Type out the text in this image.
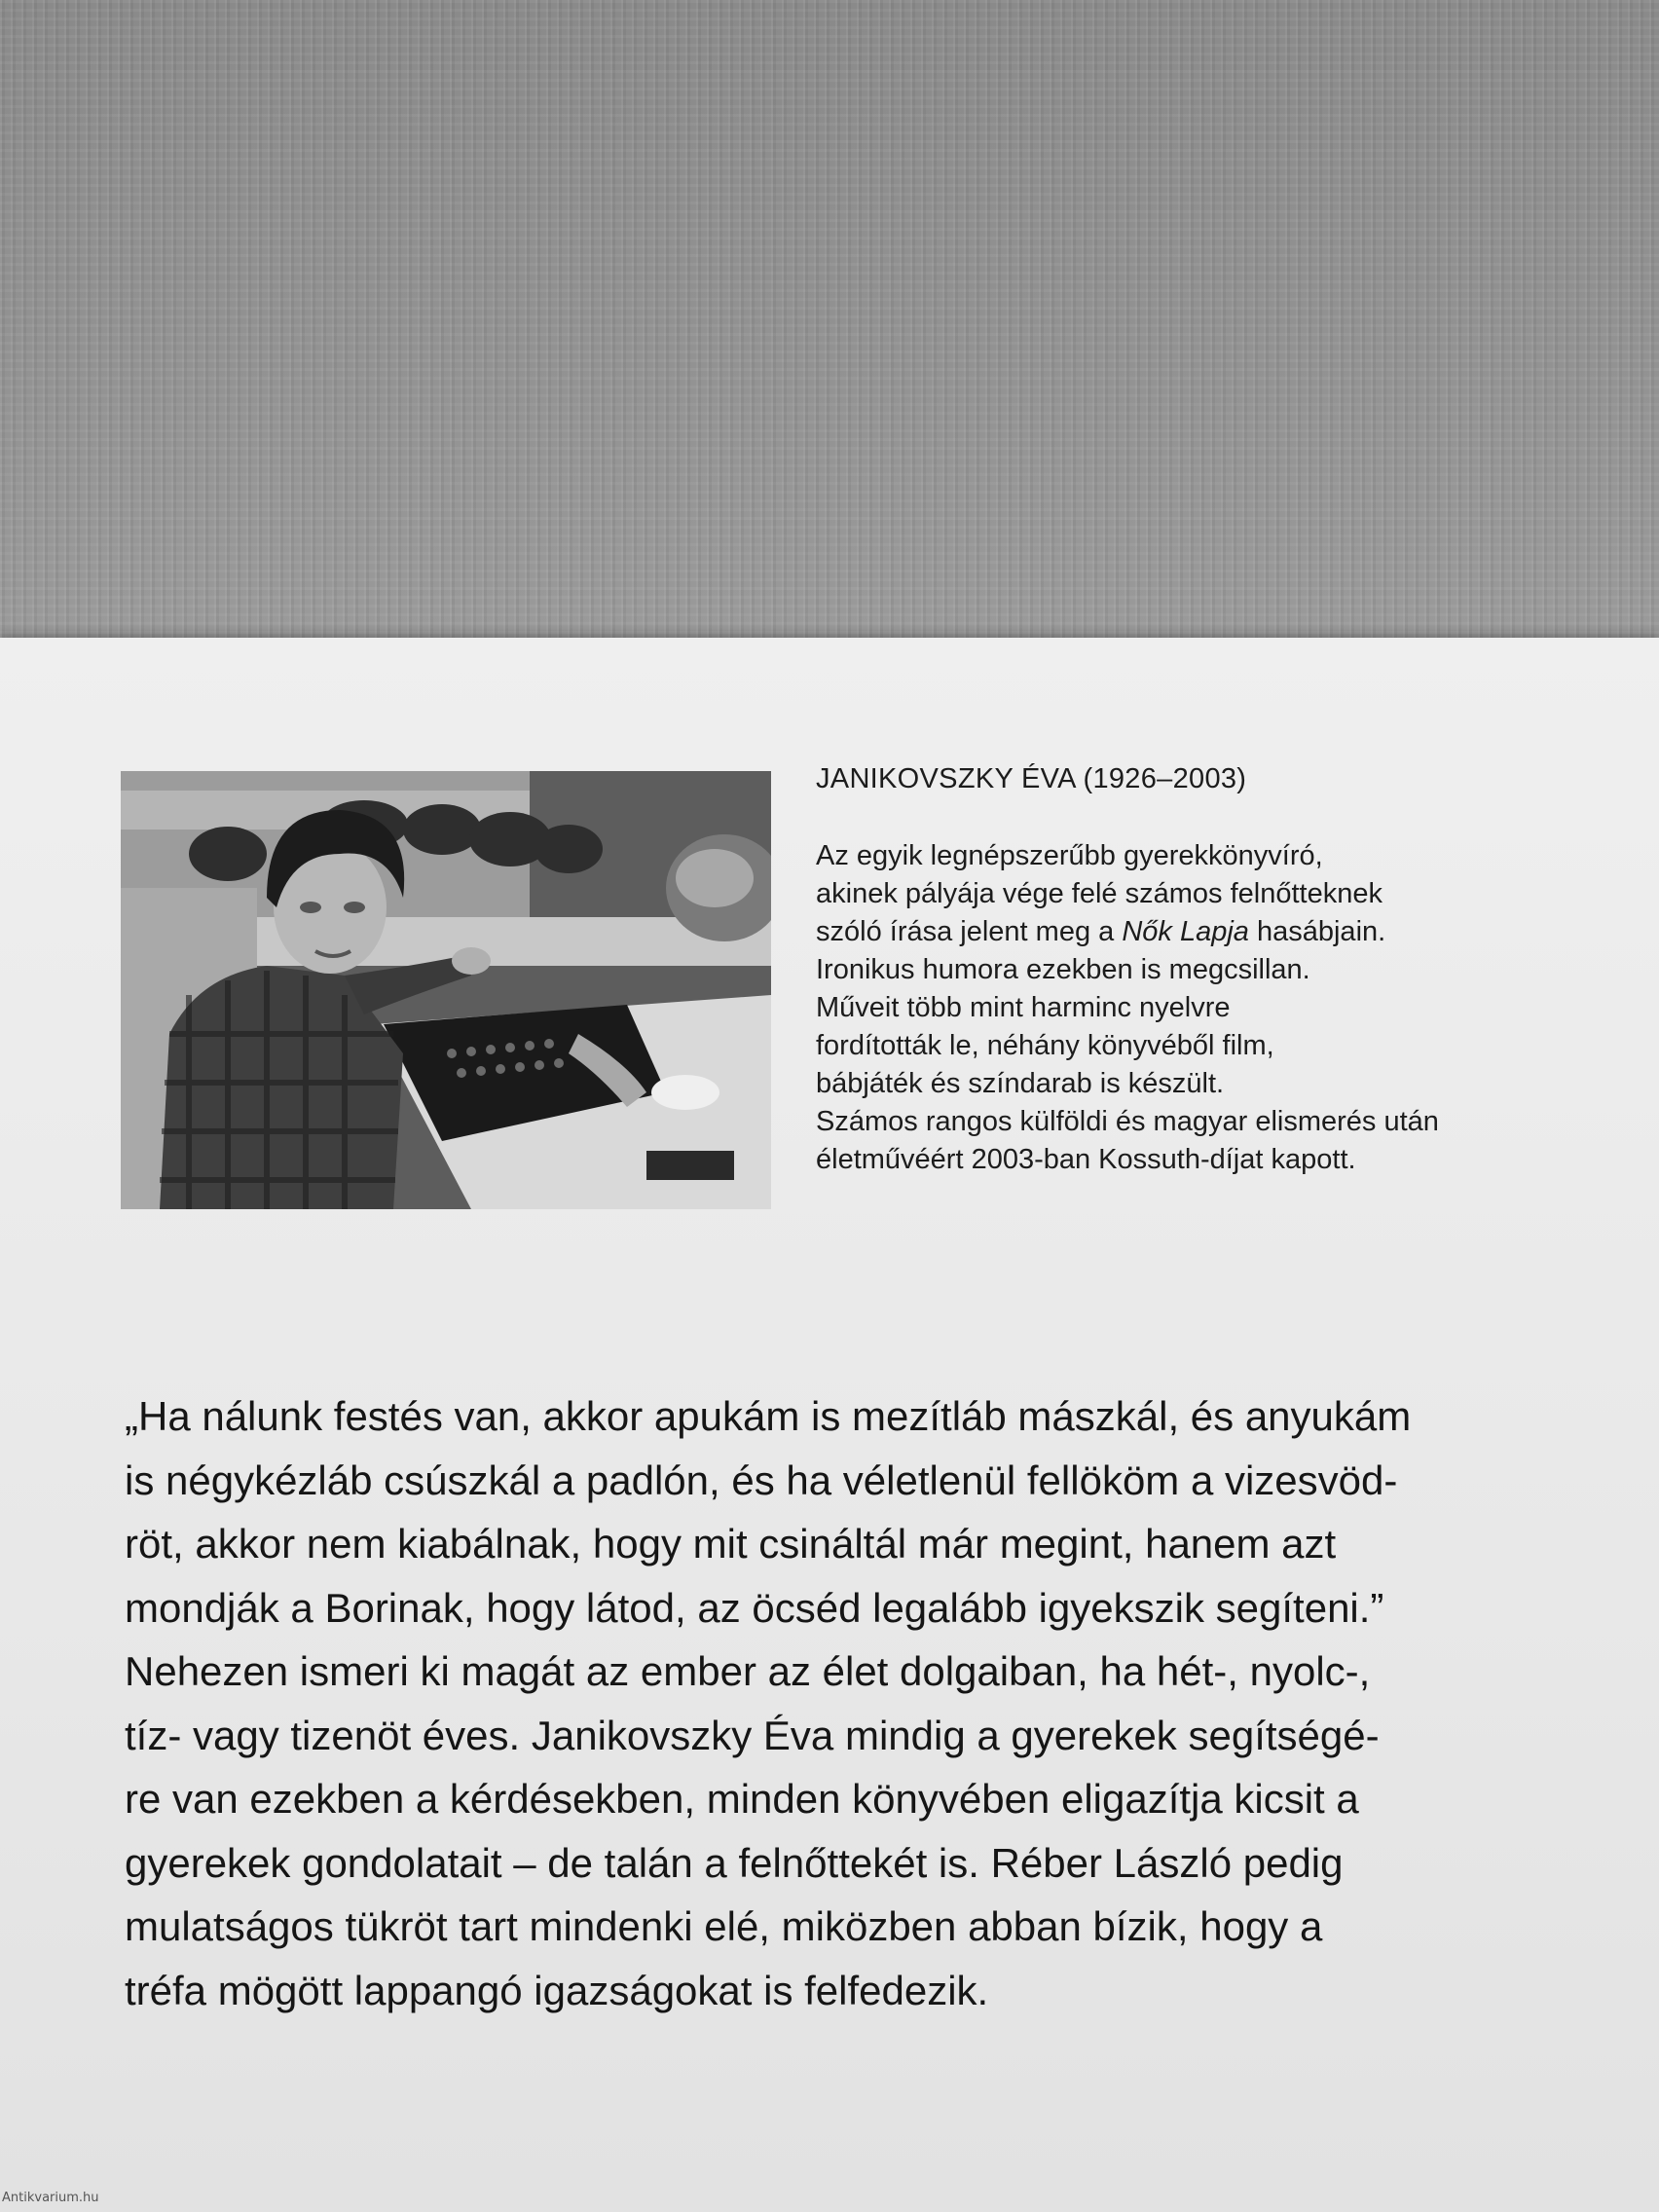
JANIKOVSZKY ÉVA (1926–2003)
Az egyik legnépszerűbb gyerekkönyvíró,
akinek pályája vége felé számos felnőtteknek
szóló írása jelent meg a Nők Lapja hasábjain.
Ironikus humora ezekben is megcsillan.
Műveit több mint harminc nyelvre
fordították le, néhány könyvéből film,
bábjáték és színdarab is készült.
Számos rangos külföldi és magyar elismerés után
életművéért 2003-ban Kossuth-díjat kapott.
„Ha nálunk festés van, akkor apukám is mezítláb mászkál, és anyukám
is négykézláb csúszkál a padlón, és ha véletlenül fellököm a vizesvöd-
röt, akkor nem kiabálnak, hogy mit csináltál már megint, hanem azt
mondják a Borinak, hogy látod, az öcséd legalább igyekszik segíteni.”
Nehezen ismeri ki magát az ember az élet dolgaiban, ha hét-, nyolc-,
tíz- vagy tizenöt éves. Janikovszky Éva mindig a gyerekek segítségé-
re van ezekben a kérdésekben, minden könyvében eligazítja kicsit a
gyerekek gondolatait – de talán a felnőttekét is. Réber László pedig
mulatságos tükröt tart mindenki elé, miközben abban bízik, hogy a
tréfa mögött lappangó igazságokat is felfedezik.
Antikvarium.hu
